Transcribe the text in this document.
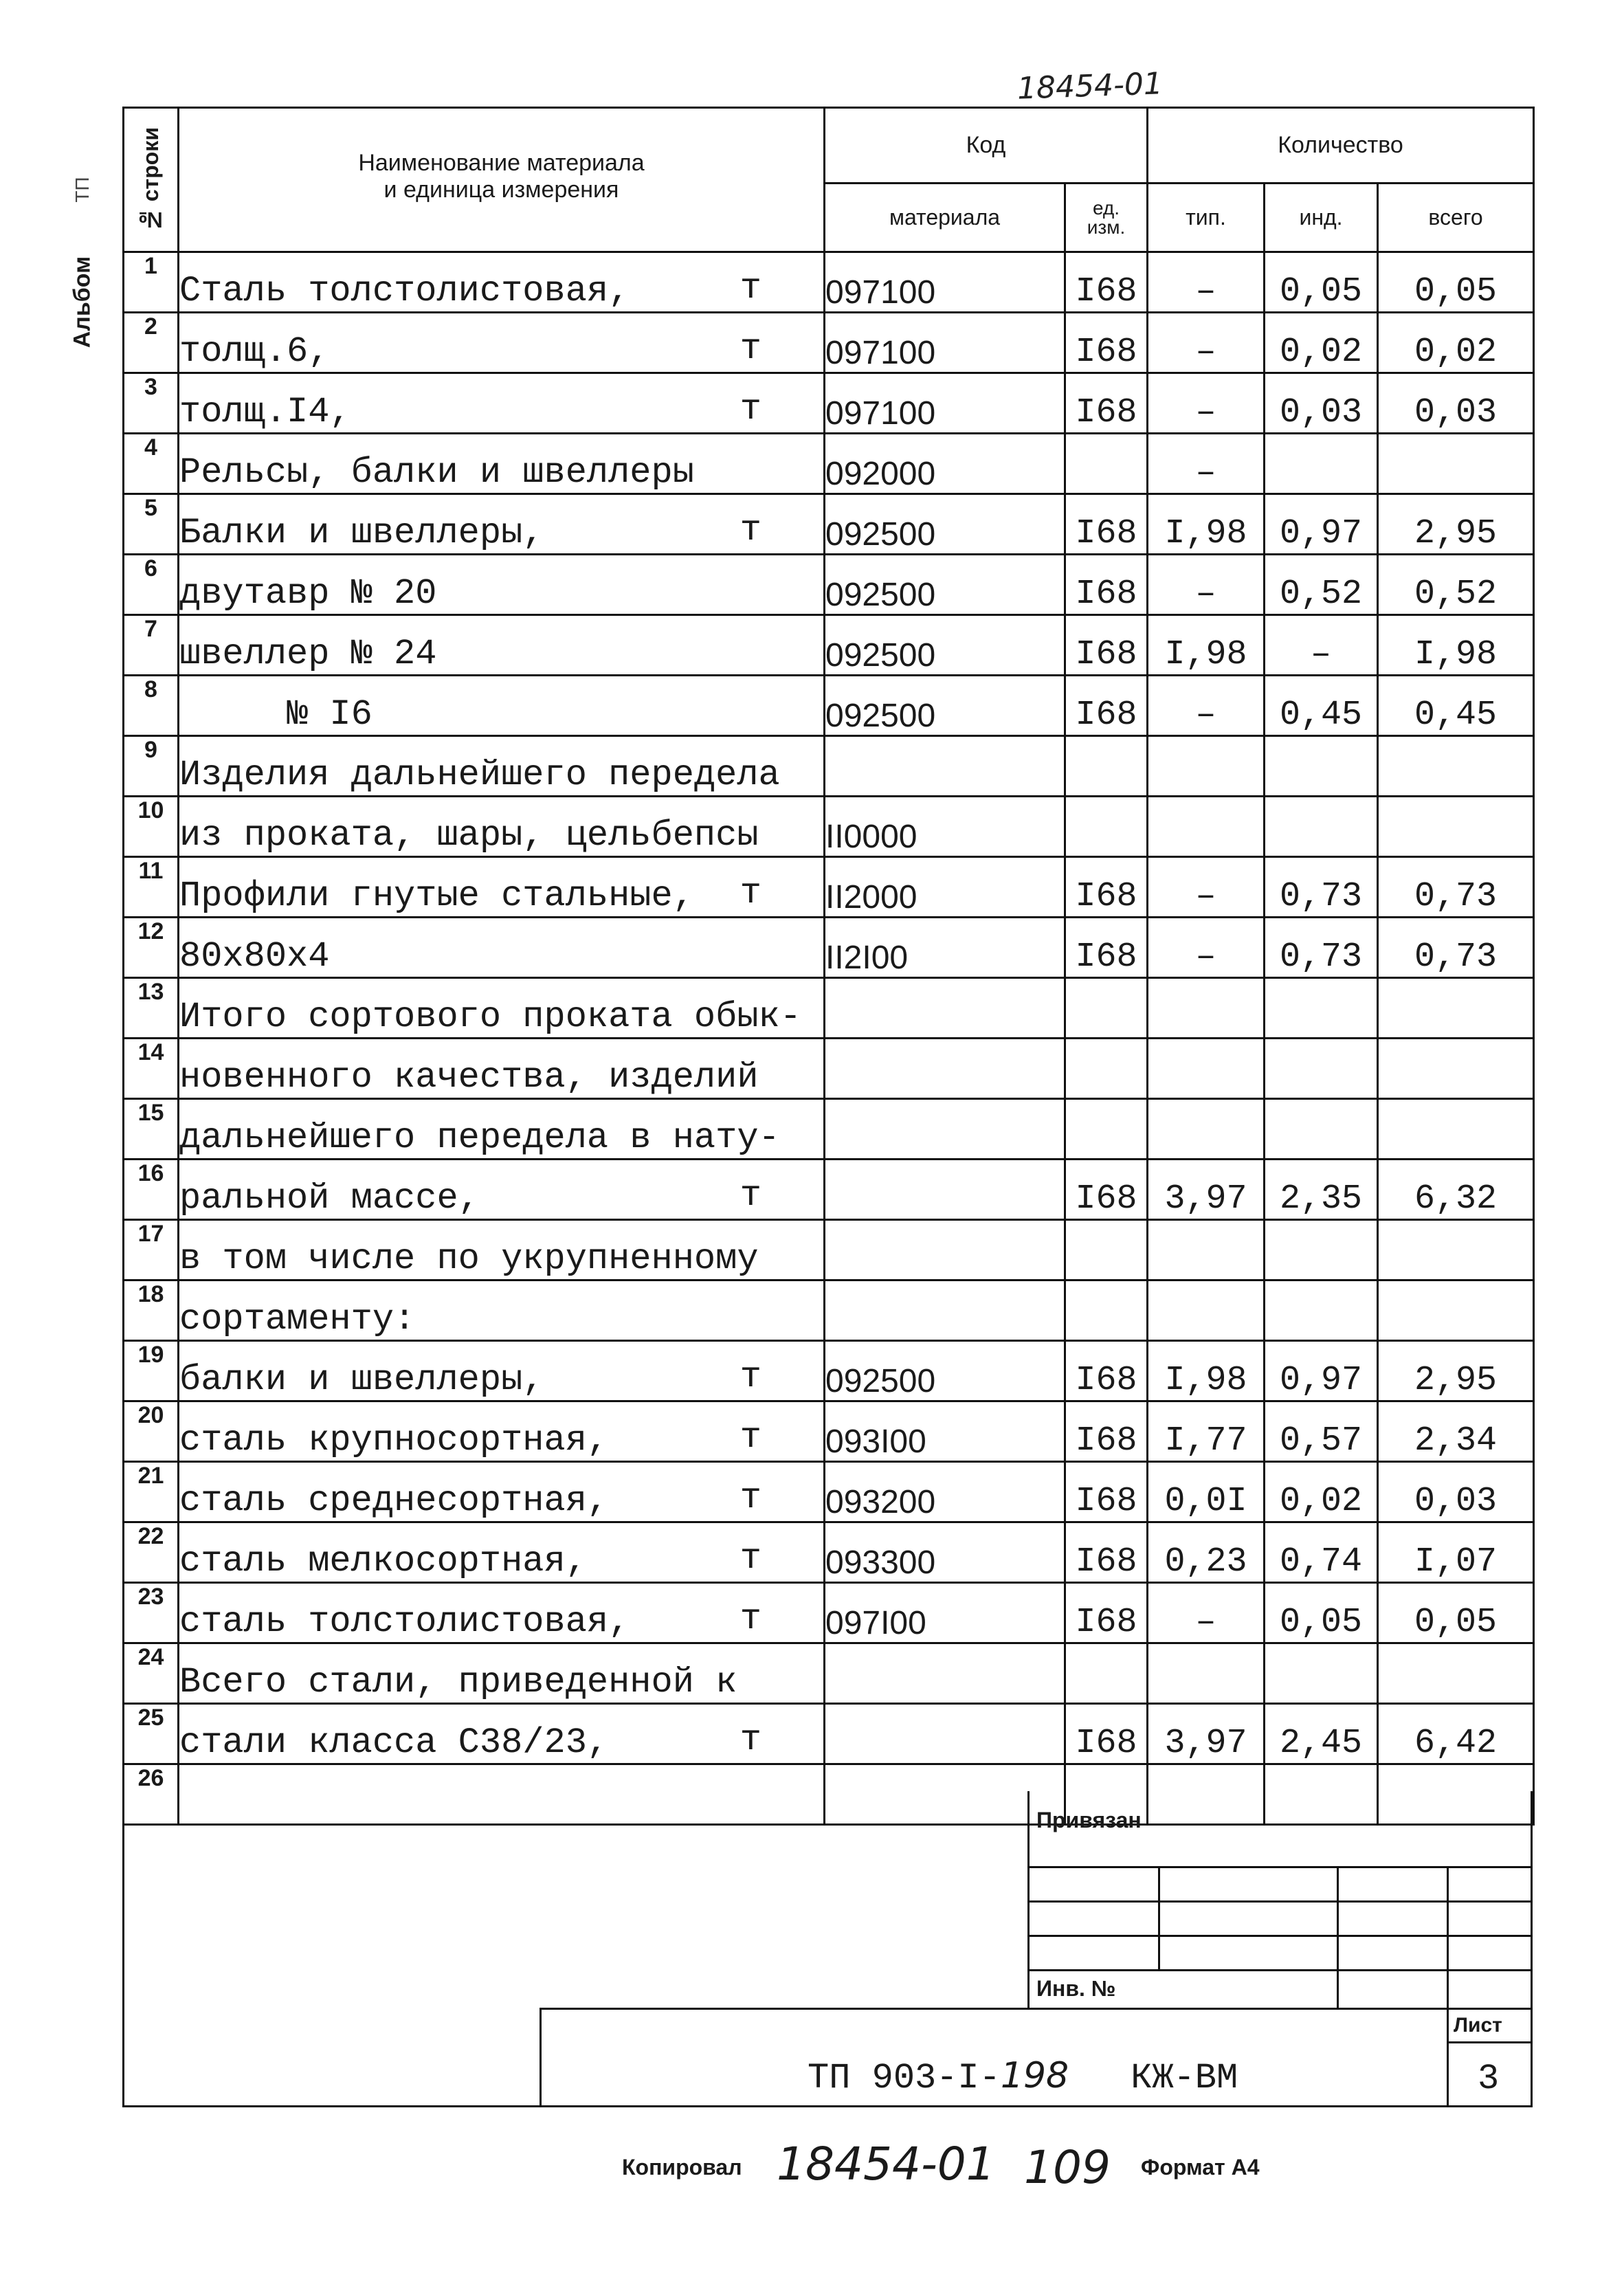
18454-01
ТП
Альбом
№ строки	Наименование материала
и единица измерения	Код		Количество		
		материала	ед.
изм.	тип.	инд.	всего
1	Сталь толстолистовая, т	097100	I68	–	0,05	0,05
2	толщ.6, т	097100	I68	–	0,02	0,02
3	толщ.I4, т	097100	I68	–	0,03	0,03
4	Рельсы, балки и швеллеры	092000		–		
5	Балки и швеллеры, т	092500	I68	I,98	0,97	2,95
6	двутавр № 20	092500	I68	–	0,52	0,52
7	швеллер № 24	092500	I68	I,98	–	I,98
8	№ I6	092500	I68	–	0,45	0,45
9	Изделия дальнейшего передела

10	из проката, шары, цельбепсы	II0000				
11	Профили гнутые стальные, т	II2000	I68	–	0,73	0,73
12	80x80x4	II2I00	I68	–	0,73	0,73
13	Итого сортового проката обык-

14	новенного качества, изделий

15	дальнейшего передела в нату-

16	ральной массе, т		I68	3,97	2,35	6,32
17	в том числе по укрупненному

18	сортаменту:

19	балки и швеллеры, т	092500	I68	I,98	0,97	2,95
20	сталь крупносортная, т	093I00	I68	I,77	0,57	2,34
21	сталь среднесортная, т	093200	I68	0,0I	0,02	0,03
22	сталь мелкосортная, т	093300	I68	0,23	0,74	I,07
23	сталь толстолистовая, т	097I00	I68	–	0,05	0,05
24	Всего стали, приведенной к

25	стали класса С38/23, т		I68	3,97	2,45	6,42
26	

Привязан
Инв. №
ТП 903-I-198 КЖ-ВМ
Лист
3
Копировал 18454-01 109 Формат А4
